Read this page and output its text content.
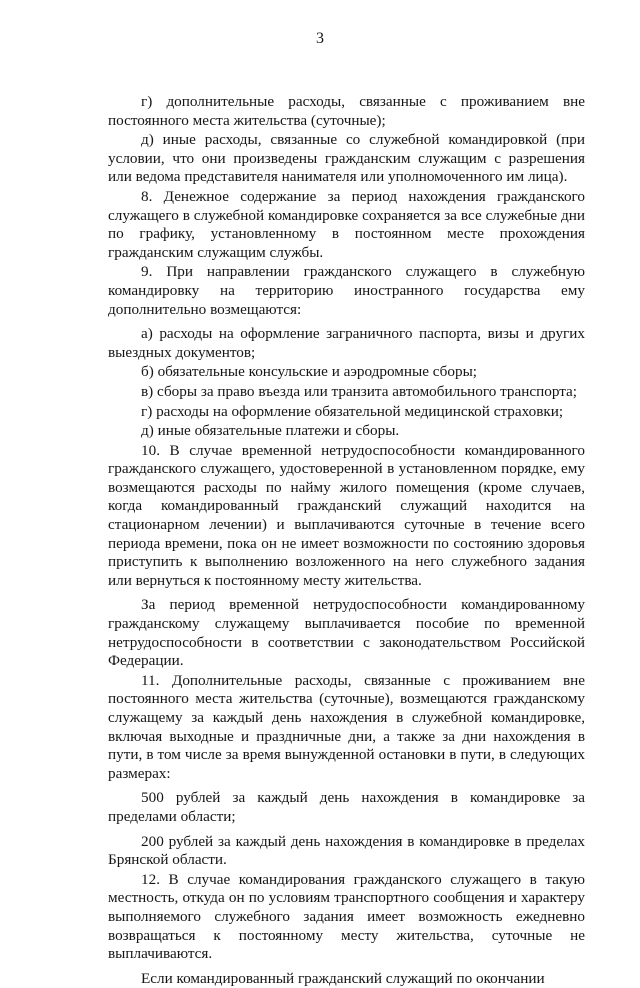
3

г) дополнительные расходы, связанные с проживанием вне постоянного места жительства (суточные);

д) иные расходы, связанные со служебной командировкой (при условии, что они произведены гражданским служащим с разрешения или ведома представителя нанимателя или уполномоченного им лица).

8. Денежное содержание за период нахождения гражданского служащего в служебной командировке сохраняется за все служебные дни по графику, установленному в постоянном месте прохождения гражданским служащим службы.

9. При направлении гражданского служащего в служебную командировку на территорию иностранного государства ему дополнительно возмещаются:

а) расходы на оформление заграничного паспорта, визы и других выездных документов;

б) обязательные консульские и аэродромные сборы;

в) сборы за право въезда или транзита автомобильного транспорта;

г) расходы на оформление обязательной медицинской страховки;

д) иные обязательные платежи и сборы.

10. В случае временной нетрудоспособности командированного гражданского служащего, удостоверенной в установленном порядке, ему возмещаются расходы по найму жилого помещения (кроме случаев, когда командированный гражданский служащий находится на стационарном лечении) и выплачиваются суточные в течение всего периода времени, пока он не имеет возможности по состоянию здоровья приступить к выполнению возложенного на него служебного задания или вернуться к постоянному месту жительства.

За период временной нетрудоспособности командированному гражданскому служащему выплачивается пособие по временной нетрудоспособности в соответствии с законодательством Российской Федерации.

11. Дополнительные расходы, связанные с проживанием вне постоянного места жительства (суточные), возмещаются гражданскому служащему за каждый день нахождения в служебной командировке, включая выходные и праздничные дни, а также за дни нахождения в пути, в том числе за время вынужденной остановки в пути, в следующих размерах:

500 рублей за каждый день нахождения в командировке за пределами области;

200 рублей за каждый день нахождения в командировке в пределах Брянской области.

12. В случае командирования гражданского служащего в такую местность, откуда он по условиям транспортного сообщения и характеру выполняемого служебного задания имеет возможность ежедневно возвращаться к постоянному месту жительства, суточные не выплачиваются.

Если командированный гражданский служащий по окончании
